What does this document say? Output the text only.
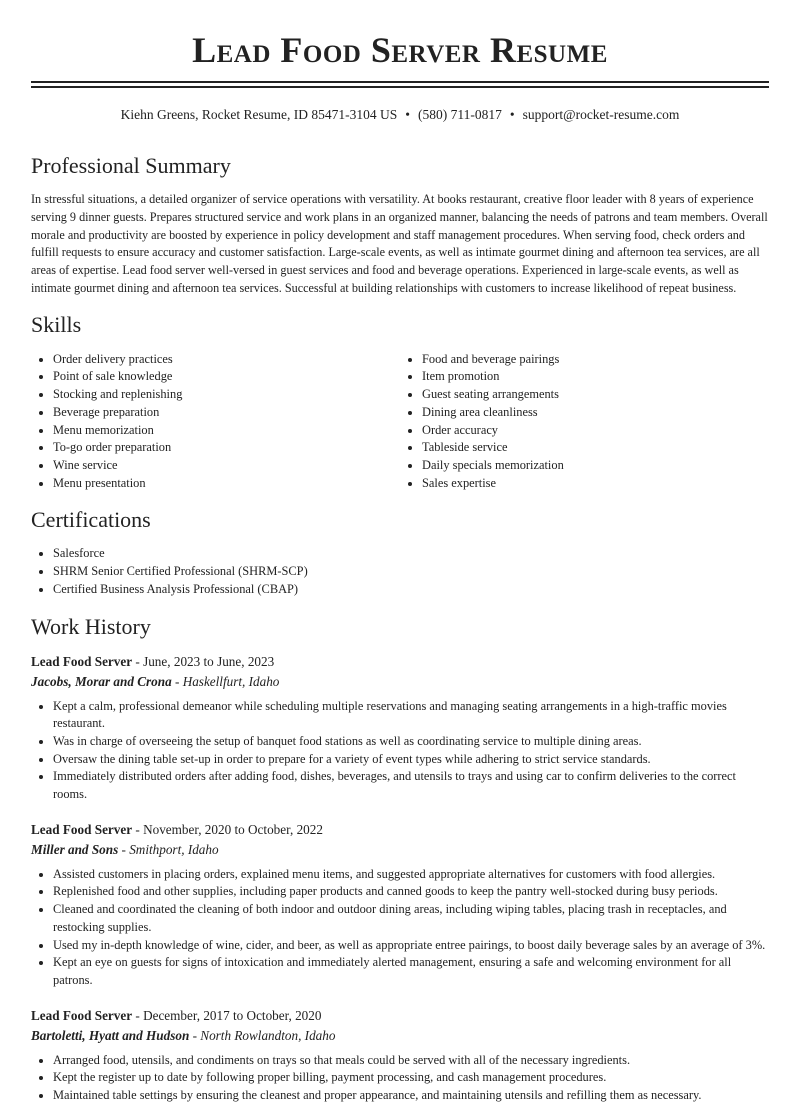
Lead Food Server Resume
Kiehn Greens, Rocket Resume, ID 85471-3104 US • (580) 711-0817 • support@rocket-resume.com
Professional Summary

In stressful situations, a detailed organizer of service operations with versatility. At books restaurant, creative floor leader with 8 years of experience serving 9 dinner guests. Prepares structured service and work plans in an organized manner, balancing the needs of patrons and team members. Overall morale and productivity are boosted by experience in policy development and staff management procedures. When serving food, check orders and fulfill requests to ensure accuracy and customer satisfaction. Large-scale events, as well as intimate gourmet dining and afternoon tea services, are all areas of expertise. Lead food server well-versed in guest services and food and beverage operations. Experienced in large-scale events, as well as intimate gourmet dining and afternoon tea services. Successful at building relationships with customers to increase likelihood of repeat business.

Skills
• Order delivery practices
• Point of sale knowledge
• Stocking and replenishing
• Beverage preparation
• Menu memorization
• To-go order preparation
• Wine service
• Menu presentation
• Food and beverage pairings
• Item promotion
• Guest seating arrangements
• Dining area cleanliness
• Order accuracy
• Tableside service
• Daily specials memorization
• Sales expertise
Certifications
• Salesforce
• SHRM Senior Certified Professional (SHRM-SCP)
• Certified Business Analysis Professional (CBAP)
Work History
Lead Food Server - June, 2023 to June, 2023
Jacobs, Morar and Crona - Haskellfurt, Idaho
• Kept a calm, professional demeanor while scheduling multiple reservations and managing seating arrangements in a high-traffic movies restaurant.
• Was in charge of overseeing the setup of banquet food stations as well as coordinating service to multiple dining areas.
• Oversaw the dining table set-up in order to prepare for a variety of event types while adhering to strict service standards.
• Immediately distributed orders after adding food, dishes, beverages, and utensils to trays and using car to confirm deliveries to the correct rooms.
Lead Food Server - November, 2020 to October, 2022
Miller and Sons - Smithport, Idaho
• Assisted customers in placing orders, explained menu items, and suggested appropriate alternatives for customers with food allergies.
• Replenished food and other supplies, including paper products and canned goods to keep the pantry well-stocked during busy periods.
• Cleaned and coordinated the cleaning of both indoor and outdoor dining areas, including wiping tables, placing trash in receptacles, and restocking supplies.
• Used my in-depth knowledge of wine, cider, and beer, as well as appropriate entree pairings, to boost daily beverage sales by an average of 3%.
• Kept an eye on guests for signs of intoxication and immediately alerted management, ensuring a safe and welcoming environment for all patrons.
Lead Food Server - December, 2017 to October, 2020
Bartoletti, Hyatt and Hudson - North Rowlandton, Idaho
• Arranged food, utensils, and condiments on trays so that meals could be served with all of the necessary ingredients.
• Kept the register up to date by following proper billing, payment processing, and cash management procedures.
• Maintained table settings by ensuring the cleanest and proper appearance, and maintaining utensils and refilling them as necessary.
